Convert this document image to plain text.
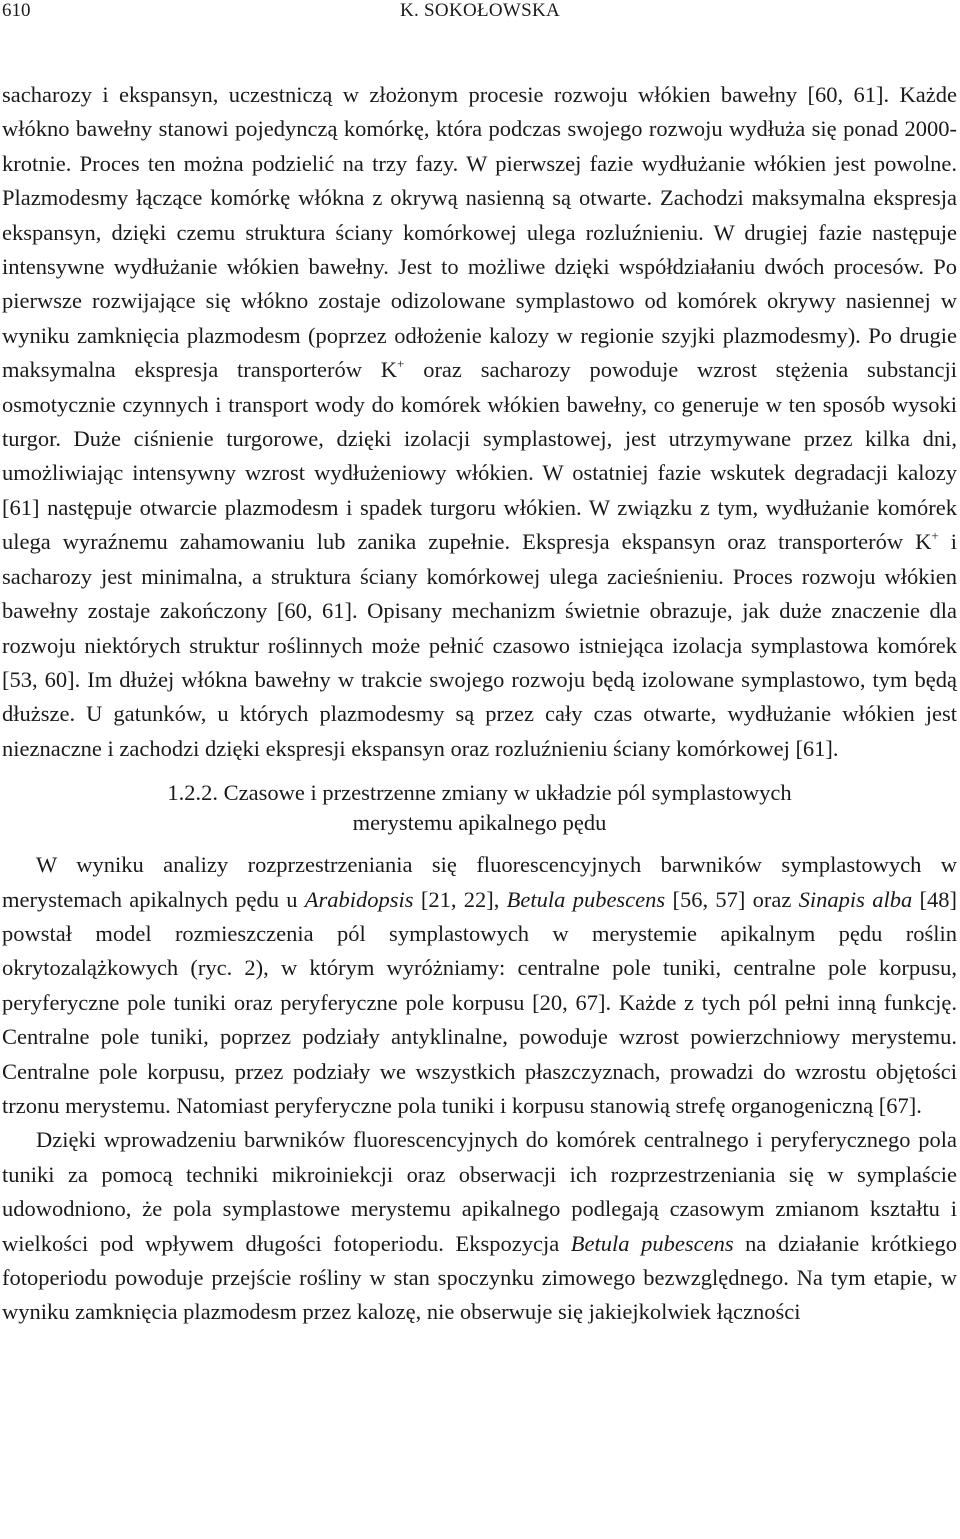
610	K. SOKOŁOWSKA

sacharozy i ekspansyn, uczestniczą w złożonym procesie rozwoju włókien bawełny [60, 61]. Każde włókno bawełny stanowi pojedynczą komórkę, która podczas swojego rozwoju wydłuża się ponad 2000-krotnie. Proces ten można podzielić na trzy fazy. W pierwszej fazie wydłużanie włókien jest powolne. Plazmodesmy łączące komórkę włókna z okrywą nasienną są otwarte. Zachodzi maksymalna ekspresja ekspansyn, dzięki czemu struktura ściany komórkowej ulega rozluźnieniu. W drugiej fazie następuje intensywne wydłużanie włókien bawełny. Jest to możliwe dzięki współdziałaniu dwóch procesów. Po pierwsze rozwijające się włókno zostaje odizolowane symplastowo od komórek okrywy nasiennej w wyniku zamknięcia plazmodesm (poprzez odłożenie kalozy w regionie szyjki plazmodesmy). Po drugie maksymalna ekspresja transporterów K+ oraz sacharozy powoduje wzrost stężenia substancji osmotycznie czynnych i transport wody do komórek włókien bawełny, co generuje w ten sposób wysoki turgor. Duże ciśnienie turgorowe, dzięki izolacji symplastowej, jest utrzymywane przez kilka dni, umożliwiając intensywny wzrost wydłużeniowy włókien. W ostatniej fazie wskutek degradacji kalozy [61] następuje otwarcie plazmodesm i spadek turgoru włókien. W związku z tym, wydłużanie komórek ulega wyraźnemu zahamowaniu lub zanika zupełnie. Ekspresja ekspansyn oraz transporterów K+ i sacharozy jest minimalna, a struktura ściany komórkowej ulega zacieśnieniu. Proces rozwoju włókien bawełny zostaje zakończony [60, 61]. Opisany mechanizm świetnie obrazuje, jak duże znaczenie dla rozwoju niektórych struktur roślinnych może pełnić czasowo istniejąca izolacja symplastowa komórek [53, 60]. Im dłużej włókna bawełny w trakcie swojego rozwoju będą izolowane symplastowo, tym będą dłuższe. U gatunków, u których plazmodesmy są przez cały czas otwarte, wydłużanie włókien jest nieznaczne i zachodzi dzięki ekspresji ekspansyn oraz rozluźnieniu ściany komórkowej [61].

1.2.2. Czasowe i przestrzenne zmiany w układzie pól symplastowych
merystemu apikalnego pędu

W wyniku analizy rozprzestrzeniania się fluorescencyjnych barwników symplastowych w merystemach apikalnych pędu u Arabidopsis [21, 22], Betula pubescens [56, 57] oraz Sinapis alba [48] powstał model rozmieszczenia pól symplastowych w merystemie apikalnym pędu roślin okrytozalążkowych (ryc. 2), w którym wyróżniamy: centralne pole tuniki, centralne pole korpusu, peryferyczne pole tuniki oraz peryferyczne pole korpusu [20, 67]. Każde z tych pól pełni inną funkcję. Centralne pole tuniki, poprzez podziały antyklinalne, powoduje wzrost powierzchniowy merystemu. Centralne pole korpusu, przez podziały we wszystkich płaszczyznach, prowadzi do wzrostu objętości trzonu merystemu. Natomiast peryferyczne pola tuniki i korpusu stanowią strefę organogeniczną [67].

Dzięki wprowadzeniu barwników fluorescencyjnych do komórek centralnego i peryferycznego pola tuniki za pomocą techniki mikroiniekcji oraz obserwacji ich rozprzestrzeniania się w symplaście udowodniono, że pola symplastowe merystemu apikalnego podlegają czasowym zmianom kształtu i wielkości pod wpływem długości fotoperiodu. Ekspozycja Betula pubescens na działanie krótkiego fotoperiodu powoduje przejście rośliny w stan spoczynku zimowego bezwzględnego. Na tym etapie, w wyniku zamknięcia plazmodesm przez kalozę, nie obserwuje się jakiejkolwiek łączności
